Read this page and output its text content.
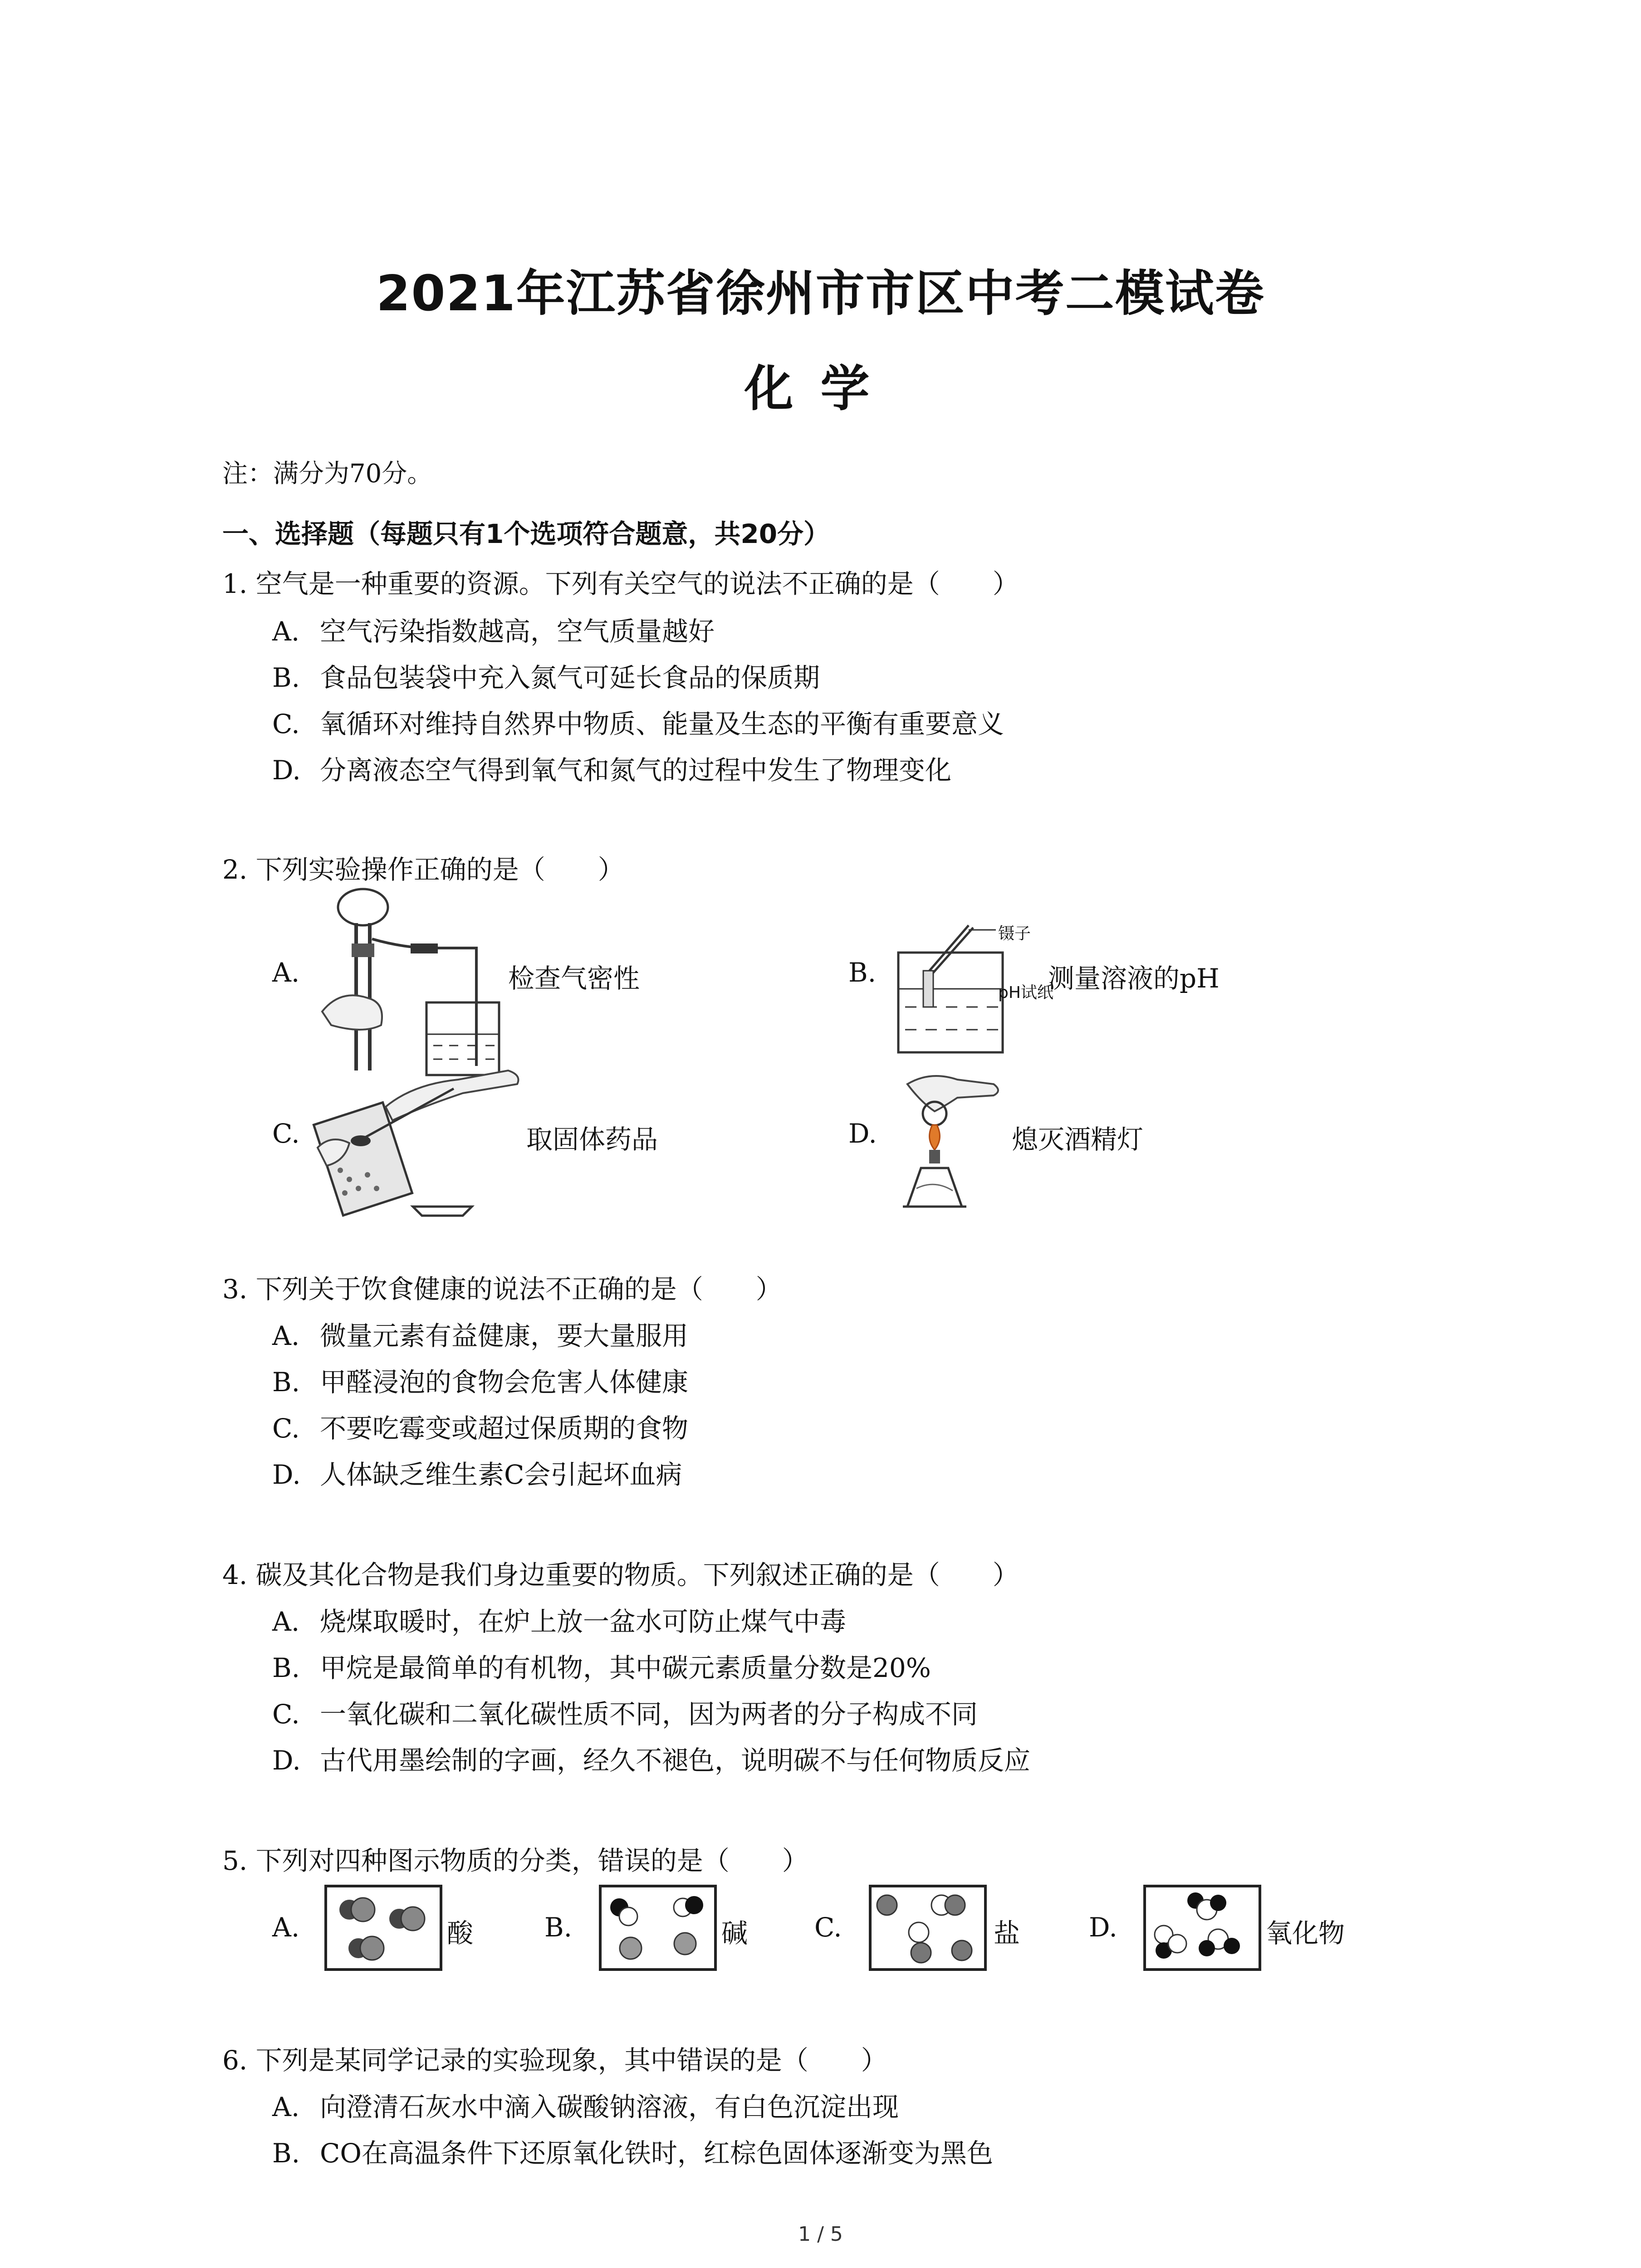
2021年江苏省徐州市市区中考二模试卷
化学
注：满分为70分。
一、选择题（每题只有1个选项符合题意，共20分）
1. 空气是一种重要的资源。下列有关空气的说法不正确的是（　　）
A. 空气污染指数越高，空气质量越好
B. 食品包装袋中充入氮气可延长食品的保质期
C. 氧循环对维持自然界中物质、能量及生态的平衡有重要意义
D. 分离液态空气得到氧气和氮气的过程中发生了物理变化
2. 下列实验操作正确的是（　　）
A.	检查气密性	B.
镊子
pH试纸
测量溶液的pH
C.	取固体药品	D.	熄灭酒精灯
3. 下列关于饮食健康的说法不正确的是（　　）
A. 微量元素有益健康，要大量服用
B. 甲醛浸泡的食物会危害人体健康
C. 不要吃霉变或超过保质期的食物
D. 人体缺乏维生素C会引起坏血病
4. 碳及其化合物是我们身边重要的物质。下列叙述正确的是（　　）
A. 烧煤取暖时，在炉上放一盆水可防止煤气中毒
B. 甲烷是最简单的有机物，其中碳元素质量分数是20%
C. 一氧化碳和二氧化碳性质不同，因为两者的分子构成不同
D. 古代用墨绘制的字画，经久不褪色，说明碳不与任何物质反应
5. 下列对四种图示物质的分类，错误的是（　　）
A.	酸	B.	碱	C.	盐	D.	氧化物
6. 下列是某同学记录的实验现象，其中错误的是（　　）
A. 向澄清石灰水中滴入碳酸钠溶液，有白色沉淀出现
B. CO在高温条件下还原氧化铁时，红棕色固体逐渐变为黑色
1 / 5
